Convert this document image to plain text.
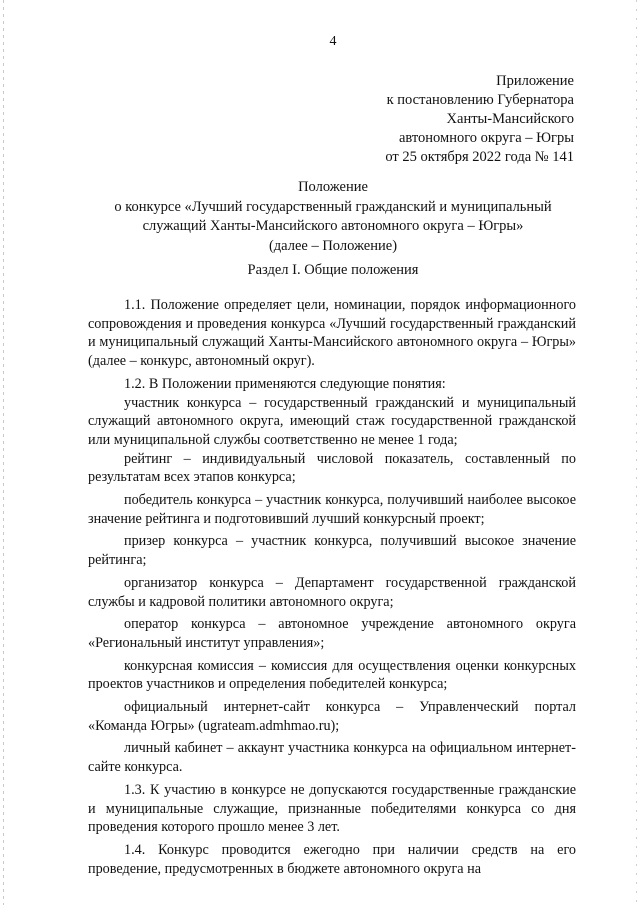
4
Приложение
к постановлению Губернатора
Ханты-Мансийского
автономного округа – Югры
от 25 октября 2022 года № 141
Положение
о конкурсе «Лучший государственный гражданский и муниципальный
служащий Ханты-Мансийского автономного округа – Югры»
(далее – Положение)
Раздел I. Общие положения

1.1. Положение определяет цели, номинации, порядок информационного сопровождения и проведения конкурса «Лучший государственный гражданский и муниципальный служащий Ханты-Мансийского автономного округа – Югры» (далее – конкурс, автономный округ).

1.2. В Положении применяются следующие понятия:

участник конкурса – государственный гражданский и муниципальный служащий автономного округа, имеющий стаж государственной гражданской или муниципальной службы соответственно не менее 1 года;

рейтинг – индивидуальный числовой показатель, составленный по результатам всех этапов конкурса;

победитель конкурса – участник конкурса, получивший наиболее высокое значение рейтинга и подготовивший лучший конкурсный проект;

призер конкурса – участник конкурса, получивший высокое значение рейтинга;

организатор конкурса – Департамент государственной гражданской службы и кадровой политики автономного округа;

оператор конкурса – автономное учреждение автономного округа «Региональный институт управления»;

конкурсная комиссия – комиссия для осуществления оценки конкурсных проектов участников и определения победителей конкурса;

официальный интернет-сайт конкурса – Управленческий портал «Команда Югры» (ugrateam.admhmao.ru);

личный кабинет – аккаунт участника конкурса на официальном интернет-сайте конкурса.

1.3. К участию в конкурсе не допускаются государственные гражданские и муниципальные служащие, признанные победителями конкурса со дня проведения которого прошло менее 3 лет.

1.4. Конкурс проводится ежегодно при наличии средств на его проведение, предусмотренных в бюджете автономного округа на
